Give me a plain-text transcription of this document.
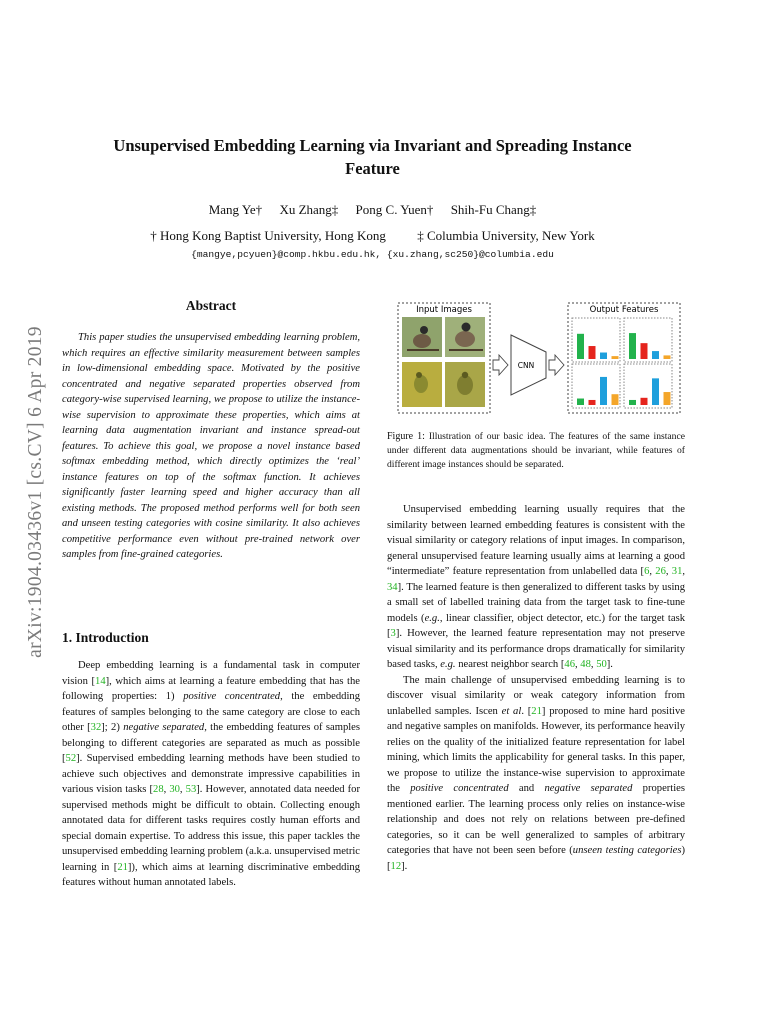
arXiv:1904.03436v1 [cs.CV] 6 Apr 2019
Unsupervised Embedding Learning via Invariant and Spreading Instance Feature
Mang Ye† Xu Zhang‡ Pong C. Yuen† Shih-Fu Chang‡
† Hong Kong Baptist University, Hong Kong ‡ Columbia University, New York
{mangye,pcyuen}@comp.hkbu.edu.hk, {xu.zhang,sc250}@columbia.edu
Abstract

This paper studies the unsupervised embedding learning problem, which requires an effective similarity measurement between samples in low-dimensional embedding space. Motivated by the positive concentrated and negative separated properties observed from category-wise supervised learning, we propose to utilize the instance-wise supervision to approximate these properties, which aims at learning data augmentation invariant and instance spread-out features. To achieve this goal, we propose a novel instance based softmax embedding method, which directly optimizes the ‘real’ instance features on top of the softmax function. It achieves significantly faster learning speed and higher accuracy than all existing methods. The proposed method performs well for both seen and unseen testing categories with cosine similarity. It also achieves competitive performance even without pre-trained network over samples from fine-grained categories.

1. Introduction

Deep embedding learning is a fundamental task in computer vision [14], which aims at learning a feature embedding that has the following properties: 1) positive concentrated, the embedding features of samples belonging to the same category are close to each other [32]; 2) negative separated, the embedding features of samples belonging to different categories are separated as much as possible [52]. Supervised embedding learning methods have been studied to achieve such objectives and demonstrate impressive capabilities in various vision tasks [28, 30, 53]. However, annotated data needed for supervised methods might be difficult to obtain. Collecting enough annotated data for different tasks requires costly human efforts and special domain expertise. To address this issue, this paper tackles the unsupervised embedding learning problem (a.k.a. unsupervised metric learning in [21]), which aims at learning discriminative embedding features without human annotated labels.

Input Images
CNN
Output Features
Figure 1: Illustration of our basic idea. The features of the same instance under different data augmentations should be invariant, while features of different image instances should be separated.

Unsupervised embedding learning usually requires that the similarity between learned embedding features is consistent with the visual similarity or category relations of input images. In comparison, general unsupervised feature learning usually aims at learning a good “intermediate” feature representation from unlabelled data [6, 26, 31, 34]. The learned feature is then generalized to different tasks by using a small set of labelled training data from the target task to fine-tune models (e.g., linear classifier, object detector, etc.) for the target task [3]. However, the learned feature representation may not preserve visual similarity and its performance drops dramatically for similarity based tasks, e.g. nearest neighbor search [46, 48, 50].

The main challenge of unsupervised embedding learning is to discover visual similarity or weak category information from unlabelled samples. Iscen et al. [21] proposed to mine hard positive and negative samples on manifolds. However, its performance heavily relies on the quality of the initialized feature representation for label mining, which limits the applicability for general tasks. In this paper, we propose to utilize the instance-wise supervision to approximate the positive concentrated and negative separated properties mentioned earlier. The learning process only relies on instance-wise relationship and does not rely on relations between pre-defined categories, so it can be well generalized to samples of arbitrary categories that have not been seen before (unseen testing categories) [12].
